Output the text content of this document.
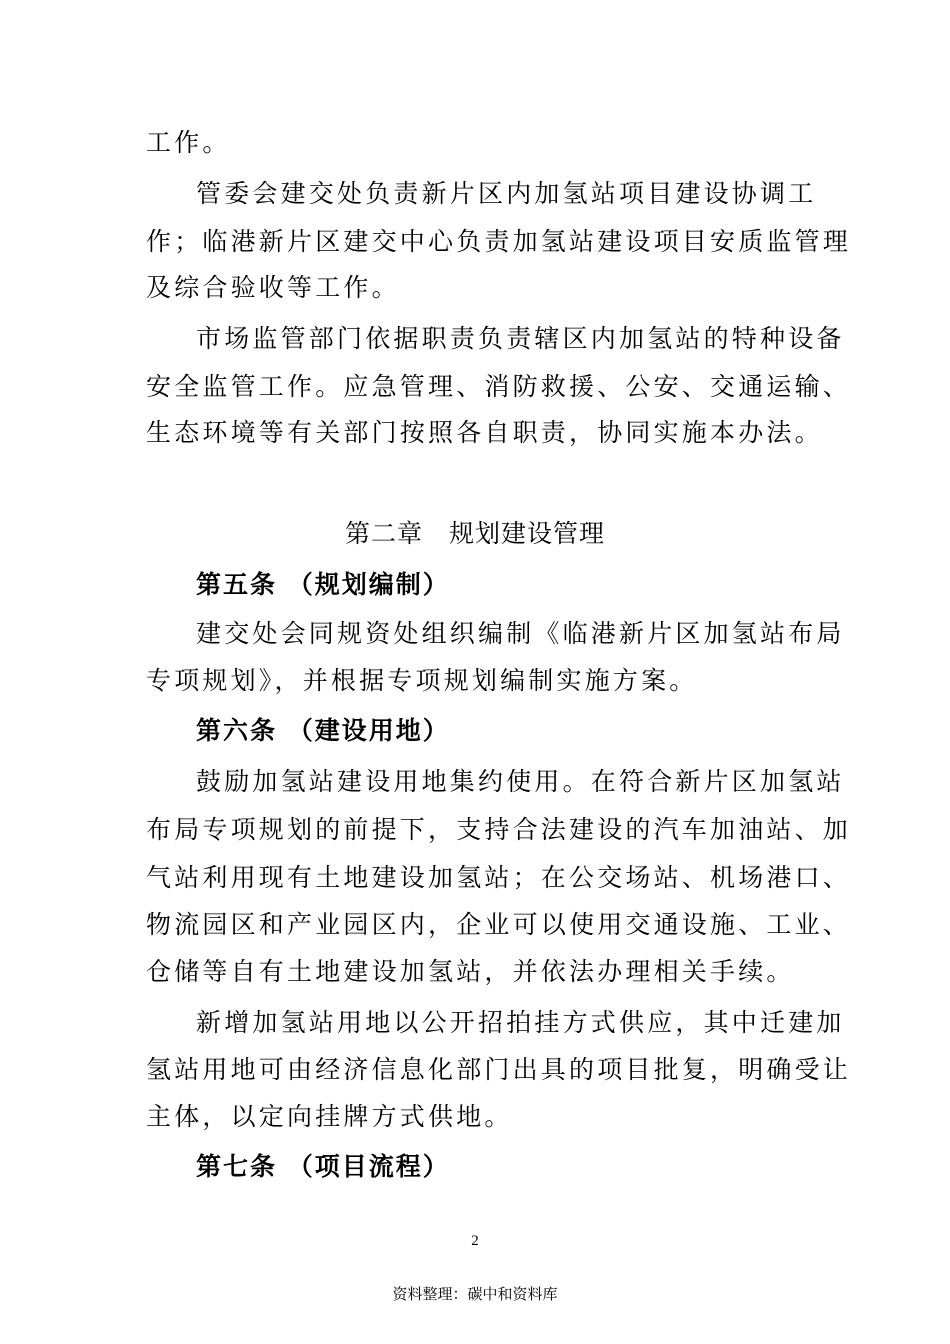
工作。
管委会建交处负责新片区内加氢站项目建设协调工
作；临港新片区建交中心负责加氢站建设项目安质监管理
及综合验收等工作。
市场监管部门依据职责负责辖区内加氢站的特种设备
安全监管工作。应急管理、消防救援、公安、交通运输、
生态环境等有关部门按照各自职责，协同实施本办法。
第二章　规划建设管理
第五条 （规划编制）
建交处会同规资处组织编制《临港新片区加氢站布局
专项规划》，并根据专项规划编制实施方案。
第六条 （建设用地）
鼓励加氢站建设用地集约使用。在符合新片区加氢站
布局专项规划的前提下，支持合法建设的汽车加油站、加
气站利用现有土地建设加氢站；在公交场站、机场港口、
物流园区和产业园区内，企业可以使用交通设施、工业、
仓储等自有土地建设加氢站，并依法办理相关手续。
新增加氢站用地以公开招拍挂方式供应，其中迁建加
氢站用地可由经济信息化部门出具的项目批复，明确受让
主体，以定向挂牌方式供地。
第七条 （项目流程）
2
资料整理：碳中和资料库
